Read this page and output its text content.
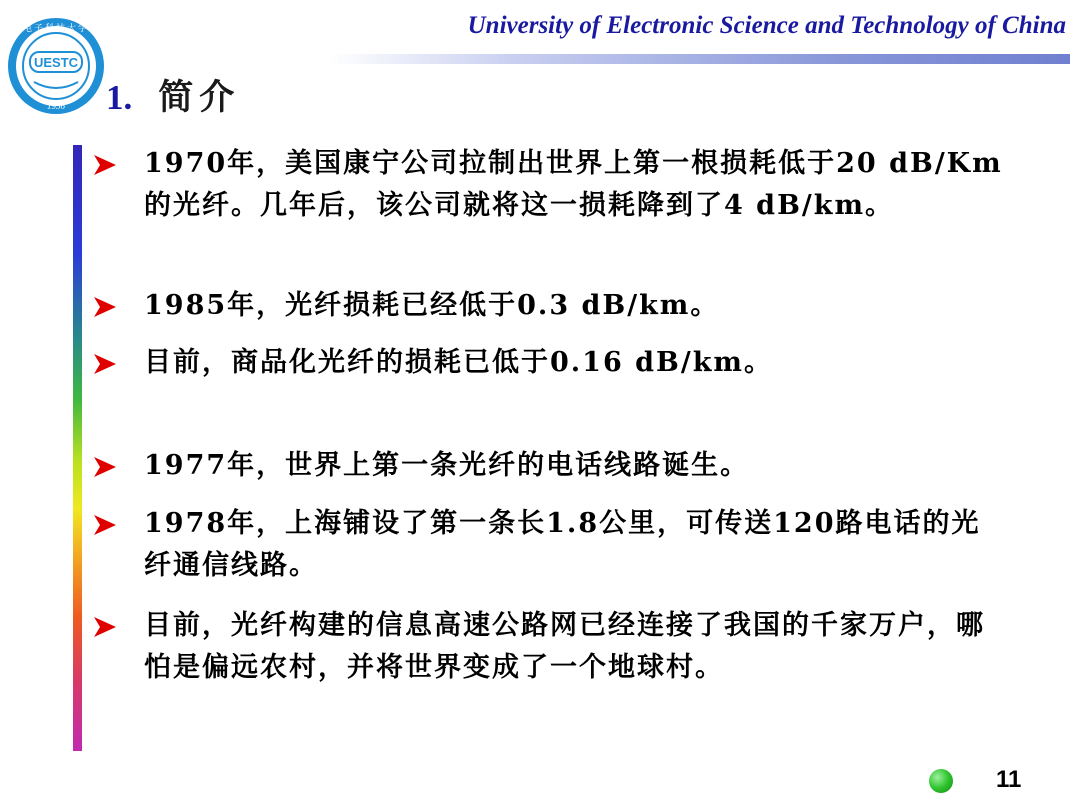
University of Electronic Science and Technology of China
电子科技大学
UESTC
1956 1. 简介
1970年，美国康宁公司拉制出世界上第一根损耗低于20 dB/Km的光纤。几年后，该公司就将这一损耗降到了4 dB/km。
1985年，光纤损耗已经低于0.3 dB/km。
目前，商品化光纤的损耗已低于0.16 dB/km。
1977年，世界上第一条光纤的电话线路诞生。
1978年，上海铺设了第一条长1.8公里，可传送120路电话的光纤通信线路。
目前，光纤构建的信息高速公路网已经连接了我国的千家万户，哪怕是偏远农村，并将世界变成了一个地球村。
11
